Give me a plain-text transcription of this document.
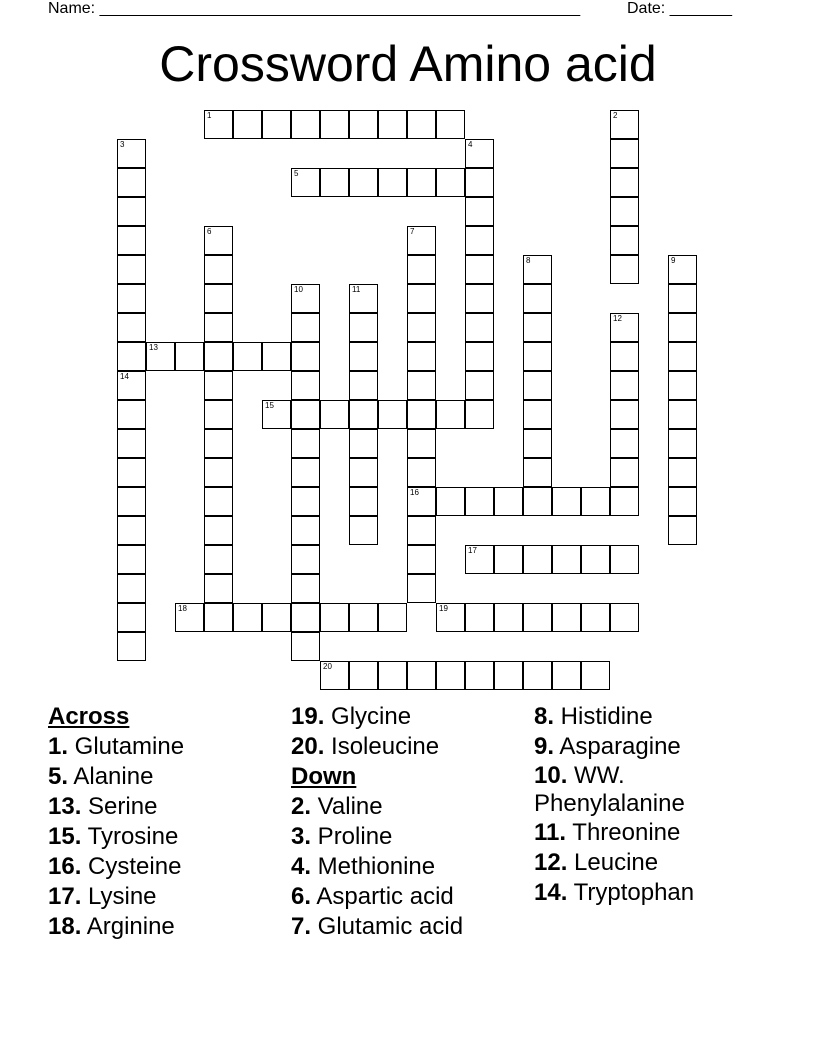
Name: ______________________________________________________	Date: _______
Crossword Amino acid
1	2
3	4
5
6	7
16
8	9
10	11
12
13
14
15
17
18	19
20
Across
1. Glutamine
5. Alanine
13. Serine
15. Tyrosine
16. Cysteine
17. Lysine
18. Arginine
19. Glycine
20. Isoleucine
Down
2. Valine
3. Proline
4. Methionine
6. Aspartic acid
7. Glutamic acid
8. Histidine
9. Asparagine
10. WW. Phenylalanine
11. Threonine
12. Leucine
14. Tryptophan
